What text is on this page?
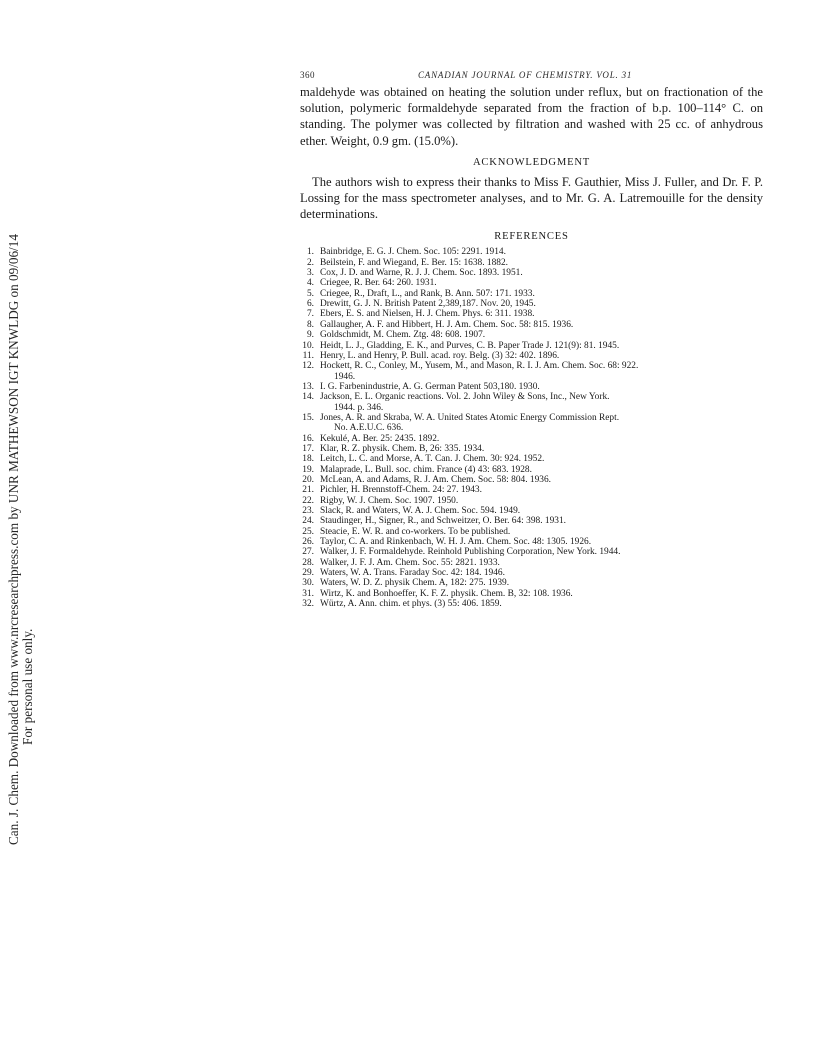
Can. J. Chem. Downloaded from www.nrcresearchpress.com by UNR MATHEWSON IGT KNWLDG on 09/06/14 For personal use only.
360	CANADIAN JOURNAL OF CHEMISTRY. VOL. 31

maldehyde was obtained on heating the solution under reflux, but on fractionation of the solution, polymeric formaldehyde separated from the fraction of b.p. 100–114° C. on standing. The polymer was collected by filtration and washed with 25 cc. of anhydrous ether. Weight, 0.9 gm. (15.0%).

ACKNOWLEDGMENT

The authors wish to express their thanks to Miss F. Gauthier, Miss J. Fuller, and Dr. F. P. Lossing for the mass spectrometer analyses, and to Mr. G. A. Latremouille for the density determinations.

REFERENCES
1. Bainbridge, E. G. J. Chem. Soc. 105: 2291. 1914.
2. Beilstein, F. and Wiegand, E. Ber. 15: 1638. 1882.
3. Cox, J. D. and Warne, R. J. J. Chem. Soc. 1893. 1951.
4. Criegee, R. Ber. 64: 260. 1931.
5. Criegee, R., Draft, L., and Rank, B. Ann. 507: 171. 1933.
6. Drewitt, G. J. N. British Patent 2,389,187. Nov. 20, 1945.
7. Ebers, E. S. and Nielsen, H. J. Chem. Phys. 6: 311. 1938.
8. Gallaugher, A. F. and Hibbert, H. J. Am. Chem. Soc. 58: 815. 1936.
9. Goldschmidt, M. Chem. Ztg. 48: 608. 1907.
10. Heidt, L. J., Gladding, E. K., and Purves, C. B. Paper Trade J. 121(9): 81. 1945.
11. Henry, L. and Henry, P. Bull. acad. roy. Belg. (3) 32: 402. 1896.
12. Hockett, R. C., Conley, M., Yusem, M., and Mason, R. I. J. Am. Chem. Soc. 68: 922.
1946.
13. I. G. Farbenindustrie, A. G. German Patent 503,180. 1930.
14. Jackson, E. L. Organic reactions. Vol. 2. John Wiley & Sons, Inc., New York.
1944. p. 346.
15. Jones, A. R. and Skraba, W. A. United States Atomic Energy Commission Rept.
No. A.E.U.C. 636.
16. Kekulé, A. Ber. 25: 2435. 1892.
17. Klar, R. Z. physik. Chem. B, 26: 335. 1934.
18. Leitch, L. C. and Morse, A. T. Can. J. Chem. 30: 924. 1952.
19. Malaprade, L. Bull. soc. chim. France (4) 43: 683. 1928.
20. McLean, A. and Adams, R. J. Am. Chem. Soc. 58: 804. 1936.
21. Pichler, H. Brennstoff-Chem. 24: 27. 1943.
22. Rigby, W. J. Chem. Soc. 1907. 1950.
23. Slack, R. and Waters, W. A. J. Chem. Soc. 594. 1949.
24. Staudinger, H., Signer, R., and Schweitzer, O. Ber. 64: 398. 1931.
25. Steacie, E. W. R. and co-workers. To be published.
26. Taylor, C. A. and Rinkenbach, W. H. J. Am. Chem. Soc. 48: 1305. 1926.
27. Walker, J. F. Formaldehyde. Reinhold Publishing Corporation, New York. 1944.
28. Walker, J. F. J. Am. Chem. Soc. 55: 2821. 1933.
29. Waters, W. A. Trans. Faraday Soc. 42: 184. 1946.
30. Waters, W. D. Z. physik Chem. A, 182: 275. 1939.
31. Wirtz, K. and Bonhoeffer, K. F. Z. physik. Chem. B, 32: 108. 1936.
32. Würtz, A. Ann. chim. et phys. (3) 55: 406. 1859.
